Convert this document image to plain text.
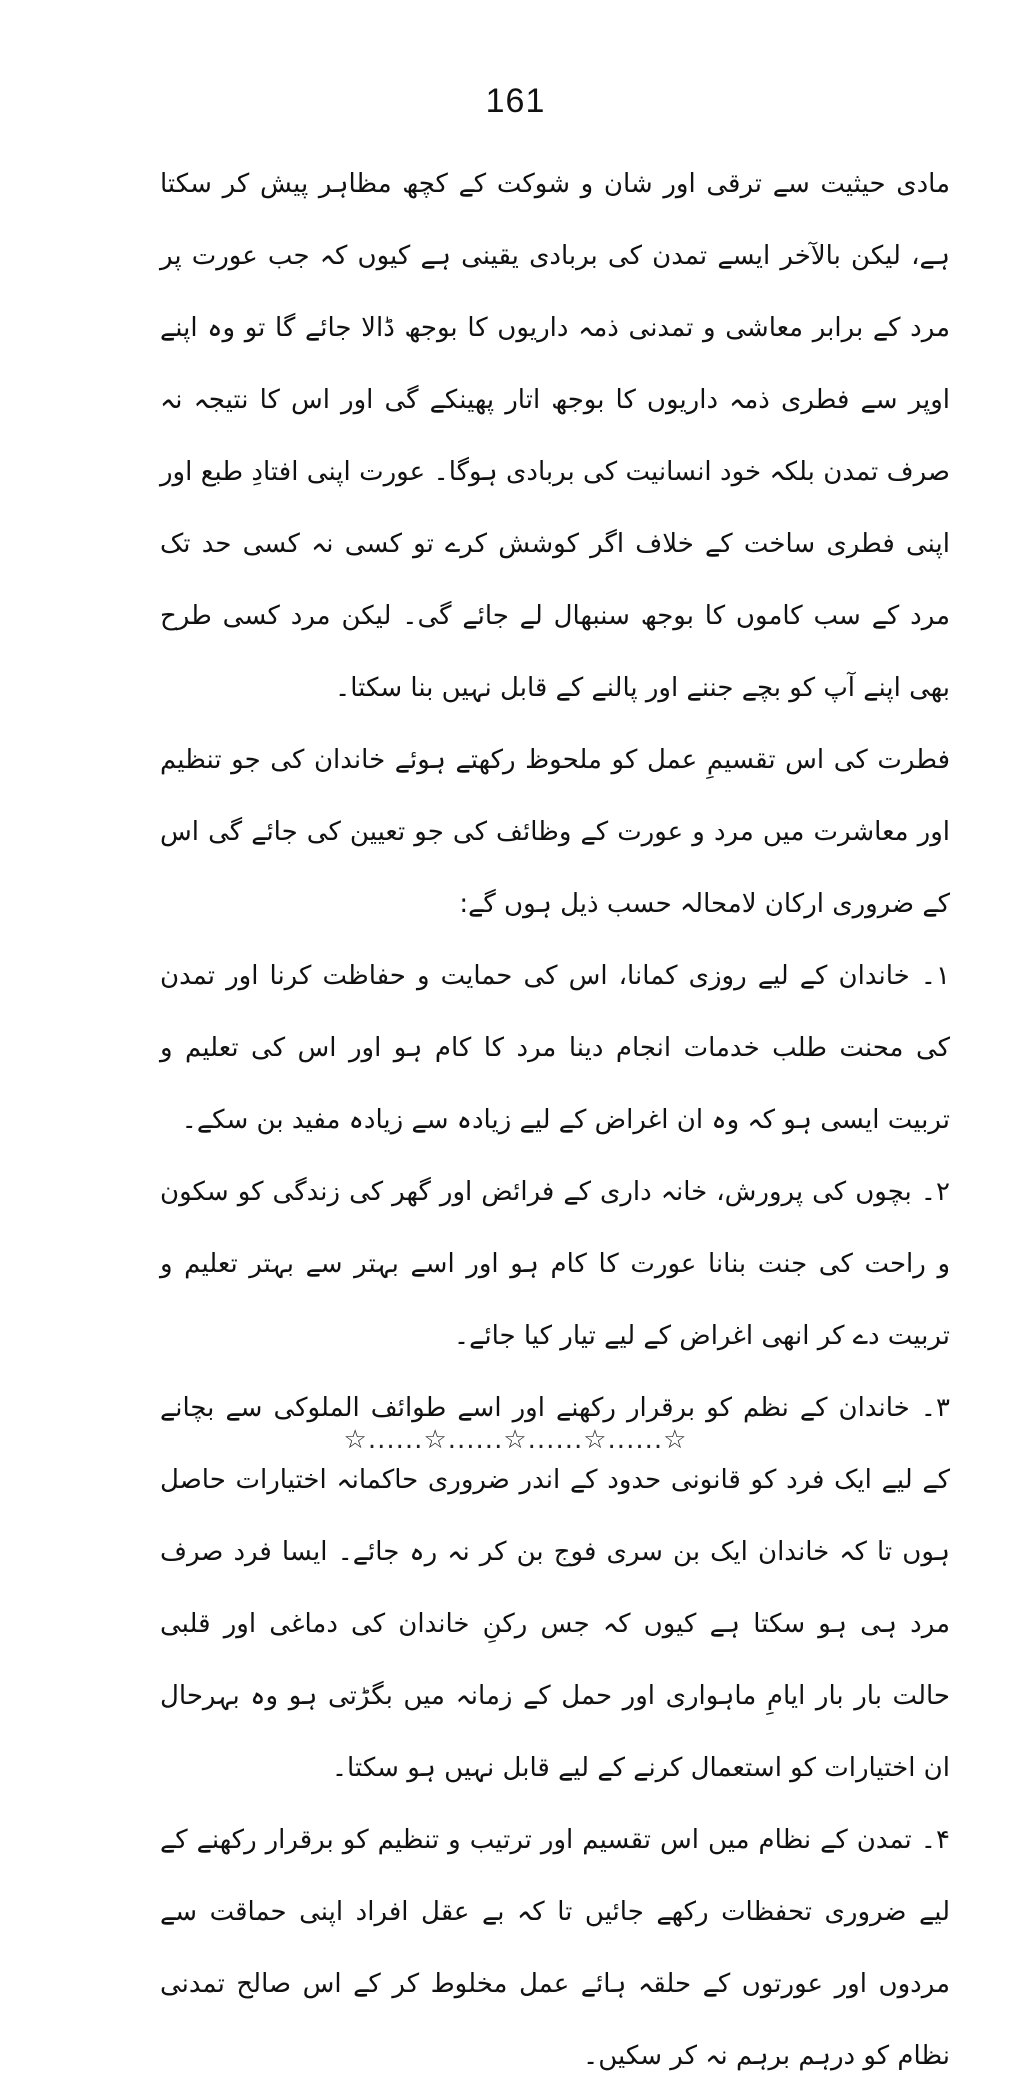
161

مادی حیثیت سے ترقی اور شان و شوکت کے کچھ مظاہر پیش کر سکتا ہے، لیکن بالآخر ایسے تمدن کی بربادی یقینی ہے کیوں کہ جب عورت پر مرد کے برابر معاشی و تمدنی ذمہ داریوں کا بوجھ ڈالا جائے گا تو وہ اپنے اوپر سے فطری ذمہ داریوں کا بوجھ اتار پھینکے گی اور اس کا نتیجہ نہ صرف تمدن بلکہ خود انسانیت کی بربادی ہوگا۔ عورت اپنی افتادِ طبع اور اپنی فطری ساخت کے خلاف اگر کوشش کرے تو کسی نہ کسی حد تک مرد کے سب کاموں کا بوجھ سنبھال لے جائے گی۔ لیکن مرد کسی طرح بھی اپنے آپ کو بچے جننے اور پالنے کے قابل نہیں بنا سکتا۔

فطرت کی اس تقسیمِ عمل کو ملحوظ رکھتے ہوئے خاندان کی جو تنظیم اور معاشرت میں مرد و عورت کے وظائف کی جو تعیین کی جائے گی اس کے ضروری ارکان لامحالہ حسب ذیل ہوں گے:

۱۔ خاندان کے لیے روزی کمانا، اس کی حمایت و حفاظت کرنا اور تمدن کی محنت طلب خدمات انجام دینا مرد کا کام ہو اور اس کی تعلیم و تربیت ایسی ہو کہ وہ ان اغراض کے لیے زیادہ سے زیادہ مفید بن سکے۔

۲۔ بچوں کی پرورش، خانہ داری کے فرائض اور گھر کی زندگی کو سکون و راحت کی جنت بنانا عورت کا کام ہو اور اسے بہتر سے بہتر تعلیم و تربیت دے کر انھی اغراض کے لیے تیار کیا جائے۔

۳۔ خاندان کے نظم کو برقرار رکھنے اور اسے طوائف الملوکی سے بچانے کے لیے ایک فرد کو قانونی حدود کے اندر ضروری حاکمانہ اختیارات حاصل ہوں تا کہ خاندان ایک بن سری فوج بن کر نہ رہ جائے۔ ایسا فرد صرف مرد ہی ہو سکتا ہے کیوں کہ جس رکنِ خاندان کی دماغی اور قلبی حالت بار بار ایامِ ماہواری اور حمل کے زمانہ میں بگڑتی ہو وہ بہرحال ان اختیارات کو استعمال کرنے کے لیے قابل نہیں ہو سکتا۔

۴۔ تمدن کے نظام میں اس تقسیم اور ترتیب و تنظیم کو برقرار رکھنے کے لیے ضروری تحفظات رکھے جائیں تا کہ بے عقل افراد اپنی حماقت سے مردوں اور عورتوں کے حلقہ ہائے عمل مخلوط کر کے اس صالح تمدنی نظام کو درہم برہم نہ کر سکیں۔

☆......☆......☆......☆......☆
